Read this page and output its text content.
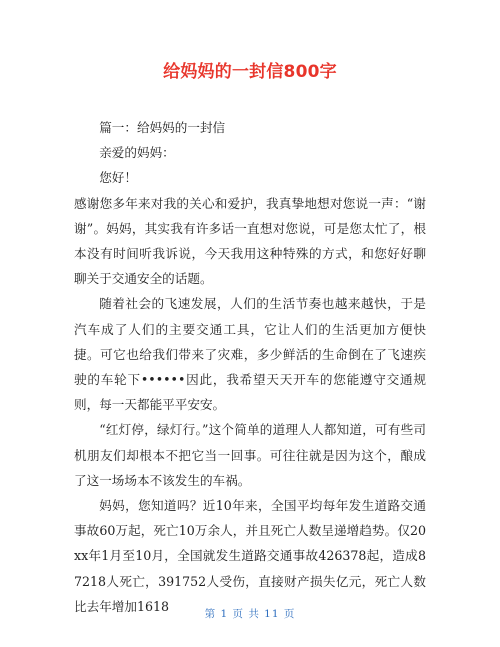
给妈妈的一封信800字

篇一：给妈妈的一封信

亲爱的妈妈：

您好！

感谢您多年来对我的关心和爱护，我真挚地想对您说一声：“谢谢”。妈妈，其实我有许多话一直想对您说，可是您太忙了，根本没有时间听我诉说，今天我用这种特殊的方式，和您好好聊聊关于交通安全的话题。

随着社会的飞速发展，人们的生活节奏也越来越快，于是汽车成了人们的主要交通工具，它让人们的生活更加方便快捷。可它也给我们带来了灾难，多少鲜活的生命倒在了飞速疾驶的车轮下••••••因此，我希望天天开车的您能遵守交通规则，每一天都能平平安安。

“红灯停，绿灯行。”这个简单的道理人人都知道，可有些司机朋友们却根本不把它当一回事。可往往就是因为这个，酿成了这一场场本不该发生的车祸。

妈妈，您知道吗？近10年来，全国平均每年发生道路交通事故60万起，死亡10万余人，并且死亡人数呈递增趋势。仅20xx年1月至10月，全国就发生道路交通事故426378起，造成87218人死亡，391752人受伤，直接财产损失亿元，死亡人数比去年增加1618

第 1 页 共 11 页
